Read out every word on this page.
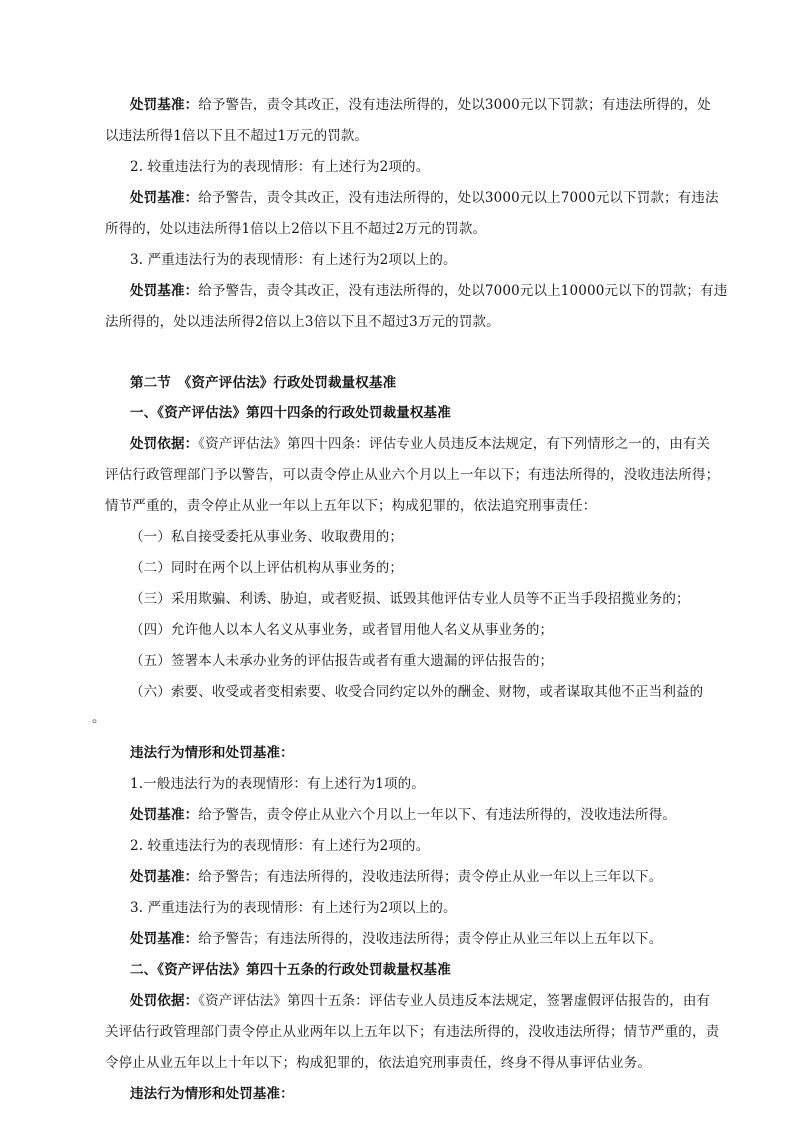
处罚基准：给予警告，责令其改正，没有违法所得的，处以3000元以下罚款；有违法所得的，处
以违法所得1倍以下且不超过1万元的罚款。
2. 较重违法行为的表现情形：有上述行为2项的。
处罚基准：给予警告，责令其改正，没有违法所得的，处以3000元以上7000元以下罚款；有违法
所得的，处以违法所得1倍以上2倍以下且不超过2万元的罚款。
3. 严重违法行为的表现情形：有上述行为2项以上的。
处罚基准：给予警告，责令其改正，没有违法所得的，处以7000元以上10000元以下的罚款；有违
法所得的，处以违法所得2倍以上3倍以下且不超过3万元的罚款。
第二节　《资产评估法》行政处罚裁量权基准
一、《资产评估法》第四十四条的行政处罚裁量权基准
处罚依据：《资产评估法》第四十四条：评估专业人员违反本法规定，有下列情形之一的，由有关
评估行政管理部门予以警告，可以责令停止从业六个月以上一年以下；有违法所得的，没收违法所得；
情节严重的，责令停止从业一年以上五年以下；构成犯罪的，依法追究刑事责任：
（一）私自接受委托从事业务、收取费用的；
（二）同时在两个以上评估机构从事业务的；
（三）采用欺骗、利诱、胁迫，或者贬损、诋毁其他评估专业人员等不正当手段招揽业务的；
（四）允许他人以本人名义从事业务，或者冒用他人名义从事业务的；
（五）签署本人未承办业务的评估报告或者有重大遗漏的评估报告的；
（六）索要、收受或者变相索要、收受合同约定以外的酬金、财物，或者谋取其他不正当利益的
。
违法行为情形和处罚基准：
1.一般违法行为的表现情形：有上述行为1项的。
处罚基准：给予警告，责令停止从业六个月以上一年以下、有违法所得的，没收违法所得。
2. 较重违法行为的表现情形：有上述行为2项的。
处罚基准：给予警告；有违法所得的，没收违法所得；责令停止从业一年以上三年以下。
3. 严重违法行为的表现情形：有上述行为2项以上的。
处罚基准：给予警告；有违法所得的，没收违法所得；责令停止从业三年以上五年以下。
二、《资产评估法》第四十五条的行政处罚裁量权基准
处罚依据：《资产评估法》第四十五条：评估专业人员违反本法规定，签署虚假评估报告的，由有
关评估行政管理部门责令停止从业两年以上五年以下；有违法所得的，没收违法所得；情节严重的，责
令停止从业五年以上十年以下；构成犯罪的，依法追究刑事责任，终身不得从事评估业务。
违法行为情形和处罚基准：
